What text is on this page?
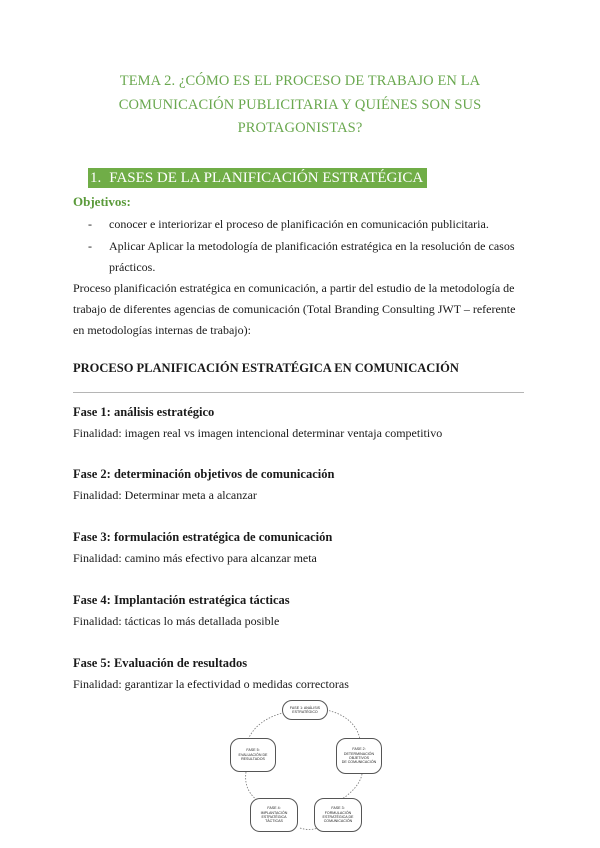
TEMA 2. ¿CÓMO ES EL PROCESO DE TRABAJO EN LA
COMUNICACIÓN PUBLICITARIA Y QUIÉNES SON SUS
PROTAGONISTAS?
1. FASES DE LA PLANIFICACIÓN ESTRATÉGICA
Objetivos:
- conocer e interiorizar el proceso de planificación en comunicación publicitaria.
- Aplicar Aplicar la metodología de planificación estratégica en la resolución de casos
prácticos.
Proceso planificación estratégica en comunicación, a partir del estudio de la metodología de
trabajo de diferentes agencias de comunicación (Total Branding Consulting JWT – referente
en metodologías internas de trabajo):
PROCESO PLANIFICACIÓN ESTRATÉGICA EN COMUNICACIÓN
Fase 1: análisis estratégico
Finalidad: imagen real vs imagen intencional determinar ventaja competitivo
Fase 2: determinación objetivos de comunicación
Finalidad: Determinar meta a alcanzar
Fase 3: formulación estratégica de comunicación
Finalidad: camino más efectivo para alcanzar meta
Fase 4: Implantación estratégica tácticas
Finalidad: tácticas lo más detallada posible
Fase 5: Evaluación de resultados
Finalidad: garantizar la efectividad o medidas correctoras
FASE 1: ANÁLISIS
ESTRATÉGICO
FASE 2:
DETERMINACIÓN OBJETIVOS
DE COMUNICACIÓN
FASE 3:
FORMULACIÓN
ESTRATÉGICA DE
COMUNICACIÓN
FASE 4:
IMPLANTACIÓN
ESTRATÉGICA
TÁCTICAS
FASE 5:
EVALUACIÓN DE
RESULTADOS
